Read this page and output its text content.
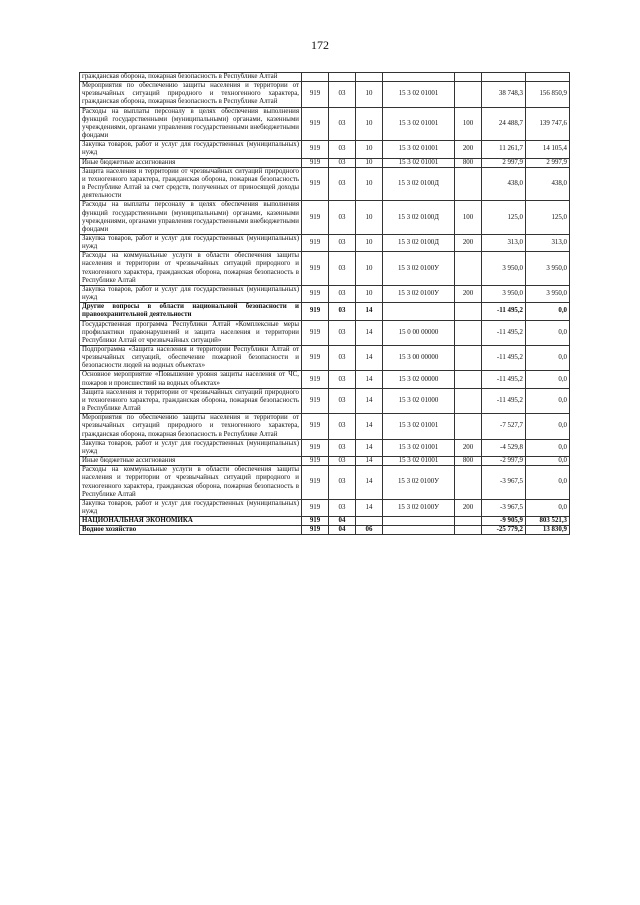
172
гражданская оборона, пожарная безопасность в Республике Алтай							
Мероприятия по обеспечению защиты населения и территории от чрезвычайных ситуаций природного и техногенного характера, гражданская оборона, пожарная безопасность в Республике Алтай	919	03	10	15 3 02 01001		38 748,3	156 850,9
Расходы на выплаты персоналу в целях обеспечения выполнения функций государственными (муниципальными) органами, казенными учреждениями, органами управления государственными внебюджетными фондами	919	03	10	15 3 02 01001	100	24 488,7	139 747,6
Закупка товаров, работ и услуг для государственных (муниципальных) нужд	919	03	10	15 3 02 01001	200	11 261,7	14 105,4
Иные бюджетные ассигнования	919	03	10	15 3 02 01001	800	2 997,9	2 997,9
Защита населения и территории от чрезвычайных ситуаций природного и техногенного характера, гражданская оборона, пожарная безопасность в Республике Алтай за счет средств, полученных от приносящей доходы деятельности	919	03	10	15 3 02 0100Д		438,0	438,0
Расходы на выплаты персоналу в целях обеспечения выполнения функций государственными (муниципальными) органами, казенными учреждениями, органами управления государственными внебюджетными фондами	919	03	10	15 3 02 0100Д	100	125,0	125,0
Закупка товаров, работ и услуг для государственных (муниципальных) нужд	919	03	10	15 3 02 0100Д	200	313,0	313,0
Расходы на коммунальные услуги в области обеспечения защиты населения и территории от чрезвычайных ситуаций природного и техногенного характера, гражданская оборона, пожарная безопасность в Республике Алтай	919	03	10	15 3 02 0100У		3 950,0	3 950,0
Закупка товаров, работ и услуг для государственных (муниципальных) нужд	919	03	10	15 3 02 0100У	200	3 950,0	3 950,0
Другие вопросы в области национальной безопасности и правоохранительной деятельности	919	03	14			-11 495,2	0,0
Государственная программа Республики Алтай «Комплексные меры профилактики правонарушений и защита населения и территории Республики Алтай от чрезвычайных ситуаций»	919	03	14	15 0 00 00000		-11 495,2	0,0
Подпрограмма «Защита населения и территории Республики Алтай от чрезвычайных ситуаций, обеспечение пожарной безопасности и безопасности людей на водных объектах»	919	03	14	15 3 00 00000		-11 495,2	0,0
Основное мероприятие «Повышение уровня защиты населения от ЧС, пожаров и происшествий на водных объектах»	919	03	14	15 3 02 00000		-11 495,2	0,0
Защита населения и территории от чрезвычайных ситуаций природного и техногенного характера, гражданская оборона, пожарная безопасность в Республике Алтай	919	03	14	15 3 02 01000		-11 495,2	0,0
Мероприятия по обеспечению защиты населения и территории от чрезвычайных ситуаций природного и техногенного характера, гражданская оборона, пожарная безопасность в Республике Алтай	919	03	14	15 3 02 01001		-7 527,7	0,0
Закупка товаров, работ и услуг для государственных (муниципальных) нужд	919	03	14	15 3 02 01001	200	-4 529,8	0,0
Иные бюджетные ассигнования	919	03	14	15 3 02 01001	800	-2 997,9	0,0
Расходы на коммунальные услуги в области обеспечения защиты населения и территории от чрезвычайных ситуаций природного и техногенного характера, гражданская оборона, пожарная безопасность в Республике Алтай	919	03	14	15 3 02 0100У		-3 967,5	0,0
Закупка товаров, работ и услуг для государственных (муниципальных) нужд	919	03	14	15 3 02 0100У	200	-3 967,5	0,0
НАЦИОНАЛЬНАЯ ЭКОНОМИКА	919	04				-9 905,9	803 521,3
Водное хозяйство	919	04	06			-25 779,2	13 830,9
